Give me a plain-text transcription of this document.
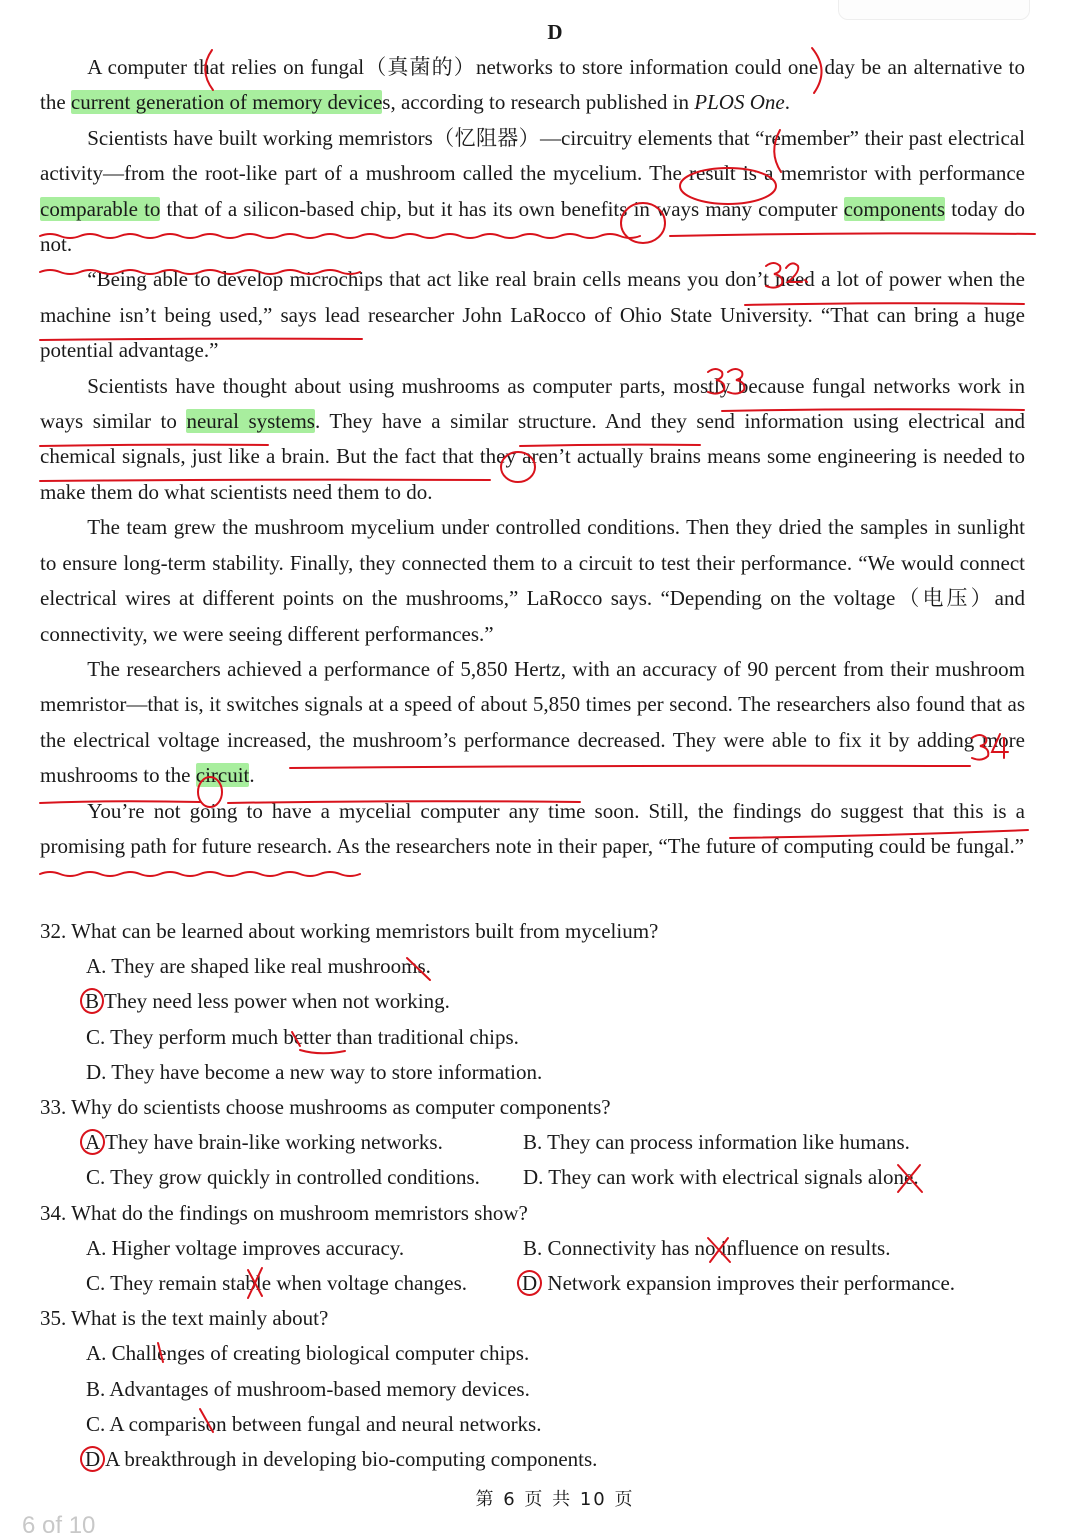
D

A computer that relies on fungal（真菌的）networks to store information could one day be an alternative to the current generation of memory devices, according to research published in PLOS One.

Scientists have built working memristors（忆阻器）—circuitry elements that “remember” their past electrical activity—from the root-like part of a mushroom called the mycelium. The result is a memristor with performance comparable to that of a silicon-based chip, but it has its own benefits in ways many computer components today do not.

“Being able to develop microchips that act like real brain cells means you don’t need a lot of power when the machine isn’t being used,” says lead researcher John LaRocco of Ohio State University. “That can bring a huge potential advantage.”

Scientists have thought about using mushrooms as computer parts, mostly because fungal networks work in ways similar to neural systems. They have a similar structure. And they send information using electrical and chemical signals, just like a brain. But the fact that they aren’t actually brains means some engineering is needed to make them do what scientists need them to do.

The team grew the mushroom mycelium under controlled conditions. Then they dried the samples in sunlight to ensure long-term stability. Finally, they connected them to a circuit to test their performance. “We would connect electrical wires at different points on the mushrooms,” LaRocco says. “Depending on the voltage（电压）and connectivity, we were seeing different performances.”

The researchers achieved a performance of 5,850 Hertz, with an accuracy of 90 percent from their mushroom memristor—that is, it switches signals at a speed of about 5,850 times per second. The researchers also found that as the electrical voltage increased, the mushroom’s performance decreased. They were able to fix it by adding more mushrooms to the circuit.

You’re not going to have a mycelial computer any time soon. Still, the findings do suggest that this is a promising path for future research. As the researchers note in their paper, “The future of computing could be fungal.”

32. What can be learned about working memristors built from mycelium?
A. They are shaped like real mushrooms.
B They need less power when not working.
C. They perform much better than traditional chips.
D. They have become a new way to store information.
33. Why do scientists choose mushrooms as computer components?
A They have brain-like working networks.	B. They can process information like humans.
C. They grow quickly in controlled conditions.	D. They can work with electrical signals alone.
34. What do the findings on mushroom memristors show?
A. Higher voltage improves accuracy.	B. Connectivity has no influence on results.
C. They remain stable when voltage changes.	D Network expansion improves their performance.
35. What is the text mainly about?
A. Challenges of creating biological computer chips.
B. Advantages of mushroom-based memory devices.
C. A comparison between fungal and neural networks.
D A breakthrough in developing bio-computing components.
第 6 页 共 10 页
6 of 10
